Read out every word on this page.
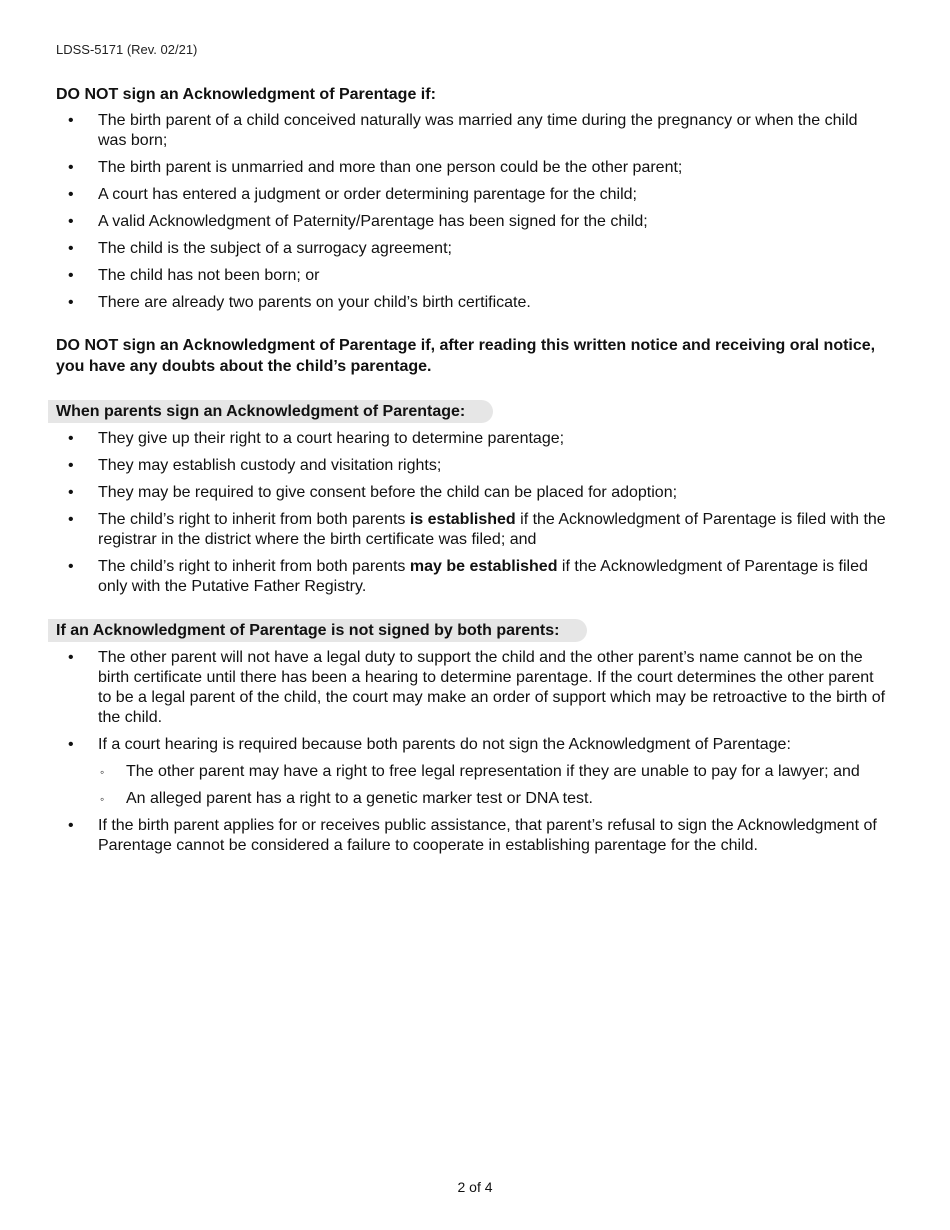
LDSS-5171 (Rev. 02/21)
DO NOT sign an Acknowledgment of Parentage if:
• The birth parent of a child conceived naturally was married any time during the pregnancy or when the child was born;
• The birth parent is unmarried and more than one person could be the other parent;
• A court has entered a judgment or order determining parentage for the child;
• A valid Acknowledgment of Paternity/Parentage has been signed for the child;
• The child is the subject of a surrogacy agreement;
• The child has not been born; or
• There are already two parents on your child’s birth certificate.
DO NOT sign an Acknowledgment of Parentage if, after reading this written notice and receiving oral notice, you have any doubts about the child’s parentage.
When parents sign an Acknowledgment of Parentage:
• They give up their right to a court hearing to determine parentage;
• They may establish custody and visitation rights;
• They may be required to give consent before the child can be placed for adoption;
• The child’s right to inherit from both parents is established if the Acknowledgment of Parentage is filed with the registrar in the district where the birth certificate was filed; and
• The child’s right to inherit from both parents may be established if the Acknowledgment of Parentage is filed only with the Putative Father Registry.
If an Acknowledgment of Parentage is not signed by both parents:
• The other parent will not have a legal duty to support the child and the other parent’s name cannot be on the birth certificate until there has been a hearing to determine parentage. If the court determines the other parent to be a legal parent of the child, the court may make an order of support which may be retroactive to the birth of the child.
• If a court hearing is required because both parents do not sign the Acknowledgment of Parentage:
◦ The other parent may have a right to free legal representation if they are unable to pay for a lawyer; and
◦ An alleged parent has a right to a genetic marker test or DNA test.
• If the birth parent applies for or receives public assistance, that parent’s refusal to sign the Acknowledgment of Parentage cannot be considered a failure to cooperate in establishing parentage for the child.
2 of 4
